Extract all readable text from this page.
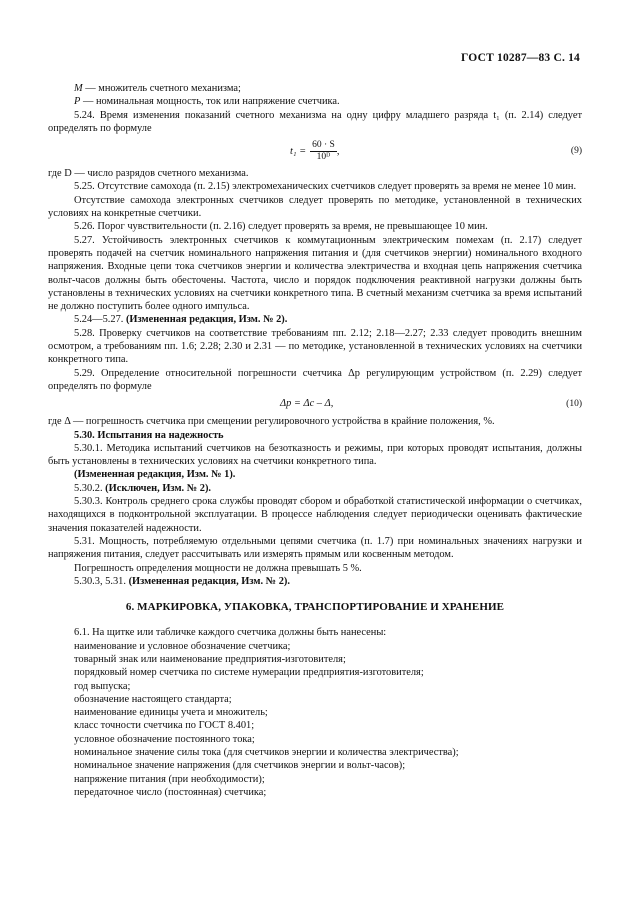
ГОСТ 10287—83 С. 14

M — множитель счетного механизма;

P — номинальная мощность, ток или напряжение счетчика.

5.24. Время изменения показаний счетного механизма на одну цифру младшего разряда t₁ (п. 2.14) следует определять по формуле

$t_1 = \frac{60 \cdot S}{\text{10ᴰ}}$ ,	(9)

где D — число разрядов счетного механизма.

5.25. Отсутствие самохода (п. 2.15) электромеханических счетчиков следует проверять за время не менее 10 мин.

Отсутствие самохода электронных счетчиков следует проверять по методике, установленной в технических условиях на конкретные счетчики.

5.26. Порог чувствительности (п. 2.16) следует проверять за время, не превышающее 10 мин.

5.27. Устойчивость электронных счетчиков к коммутационным электрическим помехам (п. 2.17) следует проверять подачей на счетчик номинального напряжения питания и (для счетчиков энергии) номинального входного напряжения. Входные цепи тока счетчиков энергии и количества электричества и входная цепь напряжения счетчика вольт-часов должны быть обесточены. Частота, число и порядок подключения реактивной нагрузки должны быть установлены в технических условиях на счетчики конкретного типа. В счетный механизм счетчика за время испытаний не должно поступить более одного импульса.

5.24—5.27. (Измененная редакция, Изм. № 2).

5.28. Проверку счетчиков на соответствие требованиям пп. 2.12; 2.18—2.27; 2.33 следует проводить внешним осмотром, а требованиям пп. 1.6; 2.28; 2.30 и 2.31 — по методике, установленной в технических условиях на счетчики конкретного типа.

5.29. Определение относительной погрешности счетчика Δр регулирующим устройством (п. 2.29) следует определять по формуле

Δр = Δс – Δ,	(10)

где Δ — погрешность счетчика при смещении регулировочного устройства в крайние положения, %.

5.30. Испытания на надежность

5.30.1. Методика испытаний счетчиков на безотказность и режимы, при которых проводят испытания, должны быть установлены в технических условиях на счетчики конкретного типа.

(Измененная редакция, Изм. № 1).

5.30.2. (Исключен, Изм. № 2).

5.30.3. Контроль среднего срока службы проводят сбором и обработкой статистической информации о счетчиках, находящихся в подконтрольной эксплуатации. В процессе наблюдения следует периодически оценивать фактические значения показателей надежности.

5.31. Мощность, потребляемую отдельными цепями счетчика (п. 1.7) при номинальных значениях нагрузки и напряжения питания, следует рассчитывать или измерять прямым или косвенным методом.

Погрешность определения мощности не должна превышать 5 %.

5.30.3, 5.31. (Измененная редакция, Изм. № 2).

6. МАРКИРОВКА, УПАКОВКА, ТРАНСПОРТИРОВАНИЕ И ХРАНЕНИЕ

6.1. На щитке или табличке каждого счетчика должны быть нанесены:

наименование и условное обозначение счетчика;

товарный знак или наименование предприятия-изготовителя;

порядковый номер счетчика по системе нумерации предприятия-изготовителя;

год выпуска;

обозначение настоящего стандарта;

наименование единицы учета и множитель;

класс точности счетчика по ГОСТ 8.401;

условное обозначение постоянного тока;

номинальное значение силы тока (для счетчиков энергии и количества электричества);

номинальное значение напряжения (для счетчиков энергии и вольт-часов);

напряжение питания (при необходимости);

передаточное число (постоянная) счетчика;
